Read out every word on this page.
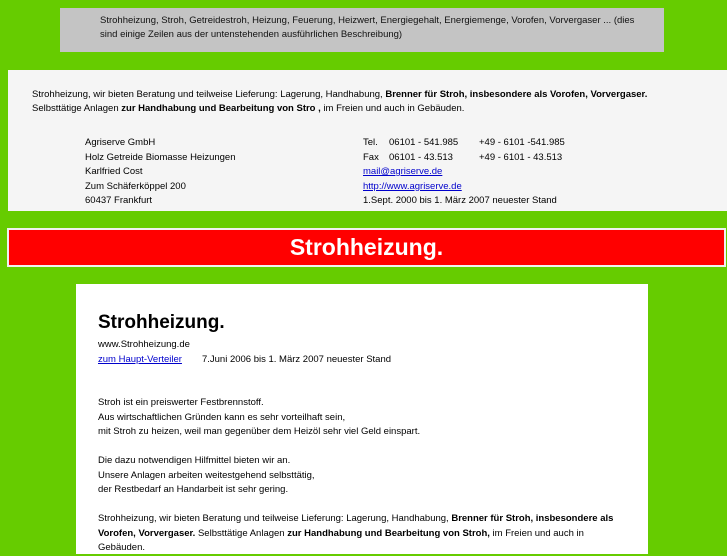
Strohheizung, Stroh, Getreidestroh, Heizung, Feuerung, Heizwert, Energiegehalt, Energiemenge, Vorofen, Vorvergaser ... (dies sind einige Zeilen aus der untenstehenden ausführlichen Beschreibung)
Strohheizung, wir bieten Beratung und teilweise Lieferung: Lagerung, Handhabung, Brenner für Stroh, insbesondere als Vorofen, Vorvergaser.
Selbsttätige Anlagen zur Handhabung und Bearbeitung von Stro , im Freien und auch in Gebäuden.
Agriserve GmbH
Holz Getreide Biomasse Heizungen
Karlfried Cost
Zum Schäferköppel 200
60437 Frankfurt
Tel. 06101 - 541.985 +49 - 6101 -541.985
Fax 06101 - 43.513	+49 - 6101 - 43.513
mail@agriserve.de
http://www.agriserve.de
1.Sept. 2000 bis 1. März 2007 neuester Stand
Strohheizung.
Strohheizung.
www.Strohheizung.de
zum Haupt-Verteiler 7.Juni 2006 bis 1. März 2007 neuester Stand

Stroh ist ein preiswerter Festbrennstoff.
Aus wirtschaftlichen Gründen kann es sehr vorteilhaft sein,
mit Stroh zu heizen, weil man gegenüber dem Heizöl sehr viel Geld einspart.

Die dazu notwendigen Hilfmittel bieten wir an.
Unsere Anlagen arbeiten weitestgehend selbsttätig,
der Restbedarf an Handarbeit ist sehr gering.

Strohheizung, wir bieten Beratung und teilweise Lieferung: Lagerung, Handhabung, Brenner für Stroh, insbesondere als Vorofen, Vorvergaser. Selbsttätige Anlagen zur Handhabung und Bearbeitung von Stroh, im Freien und auch in Gebäuden.
